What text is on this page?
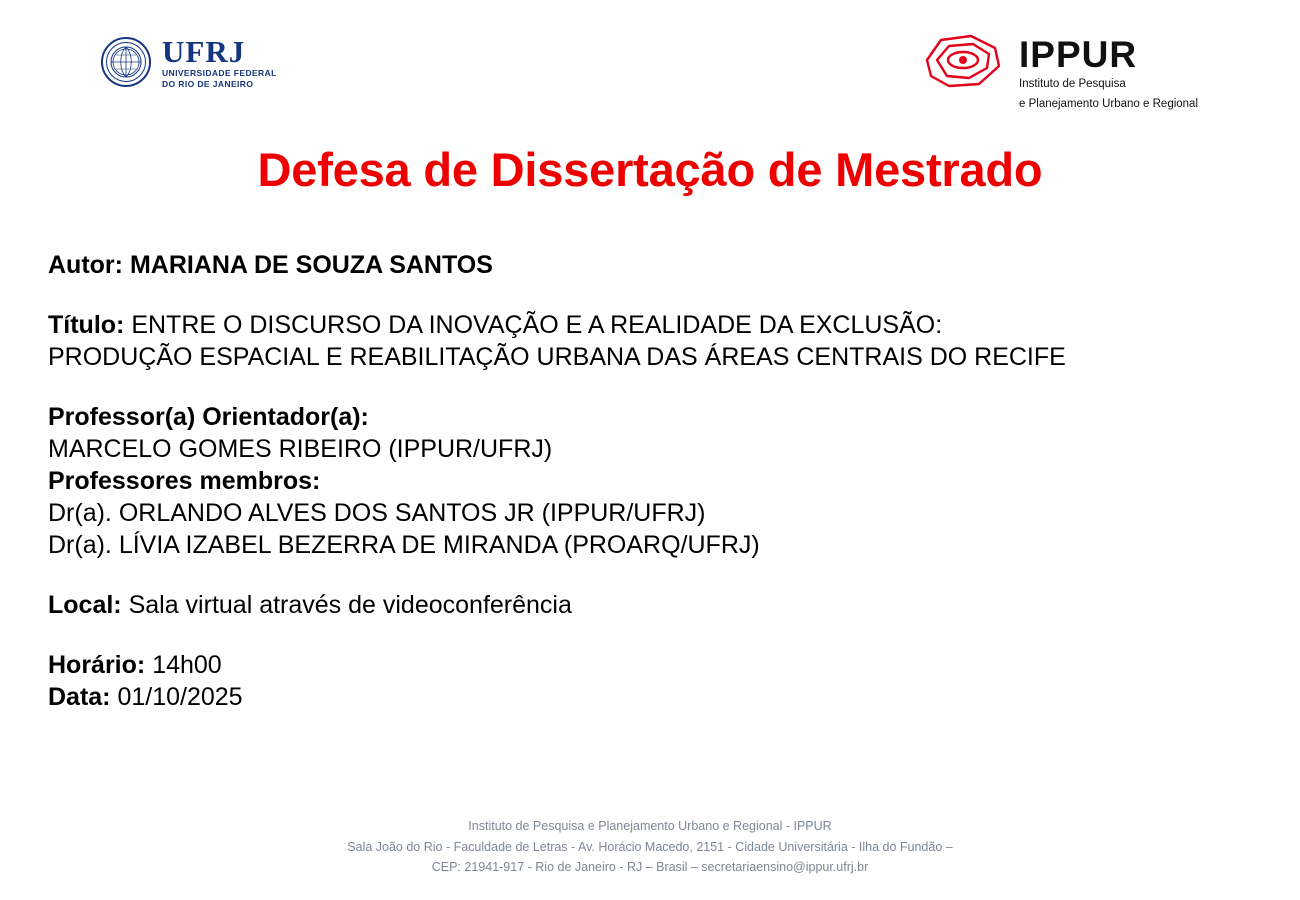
UFRJ
UNIVERSIDADE FEDERAL
DO RIO DE JANEIRO
IPPUR
Instituto de Pesquisa
e Planejamento Urbano e Regional
Defesa de Dissertação de Mestrado
Autor: MARIANA DE SOUZA SANTOS
Título: ENTRE O DISCURSO DA INOVAÇÃO E A REALIDADE DA EXCLUSÃO:
PRODUÇÃO ESPACIAL E REABILITAÇÃO URBANA DAS ÁREAS CENTRAIS DO RECIFE
Professor(a) Orientador(a):
MARCELO GOMES RIBEIRO (IPPUR/UFRJ)
Professores membros:
Dr(a). ORLANDO ALVES DOS SANTOS JR (IPPUR/UFRJ)
Dr(a). LÍVIA IZABEL BEZERRA DE MIRANDA (PROARQ/UFRJ)
Local: Sala virtual através de videoconferência
Horário: 14h00
Data: 01/10/2025
Instituto de Pesquisa e Planejamento Urbano e Regional - IPPUR
Sala João do Rio - Faculdade de Letras - Av. Horácio Macedo, 2151 - Cidade Universitária - Ilha do Fundão –
CEP: 21941-917 - Rio de Janeiro - RJ – Brasil – secretariaensino@ippur.ufrj.br
